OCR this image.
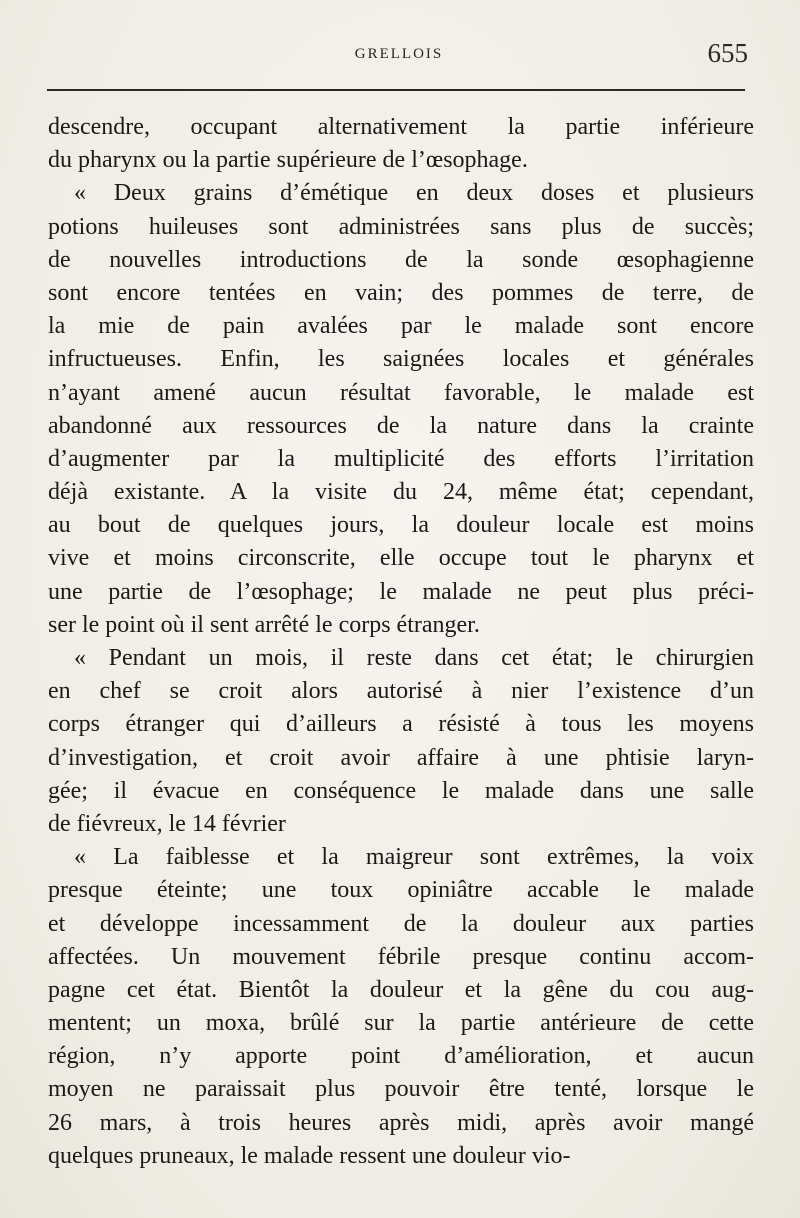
GRELLOIS	655
descendre, occupant alternativement la partie inférieure
du pharynx ou la partie supérieure de l’œsophage.
« Deux grains d’émétique en deux doses et plusieurs
potions huileuses sont administrées sans plus de succès;
de nouvelles introductions de la sonde œsophagienne
sont encore tentées en vain; des pommes de terre, de
la mie de pain avalées par le malade sont encore
infructueuses. Enfin, les saignées locales et générales
n’ayant amené aucun résultat favorable, le malade est
abandonné aux ressources de la nature dans la crainte
d’augmenter par la multiplicité des efforts l’irritation
déjà existante. A la visite du 24, même état; cependant,
au bout de quelques jours, la douleur locale est moins
vive et moins circonscrite, elle occupe tout le pharynx et
une partie de l’œsophage; le malade ne peut plus préci-
ser le point où il sent arrêté le corps étranger.
« Pendant un mois, il reste dans cet état; le chirurgien
en chef se croit alors autorisé à nier l’existence d’un
corps étranger qui d’ailleurs a résisté à tous les moyens
d’investigation, et croit avoir affaire à une phtisie laryn-
gée; il évacue en conséquence le malade dans une salle
de fiévreux, le 14 février
« La faiblesse et la maigreur sont extrêmes, la voix
presque éteinte; une toux opiniâtre accable le malade
et développe incessamment de la douleur aux parties
affectées. Un mouvement fébrile presque continu accom-
pagne cet état. Bientôt la douleur et la gêne du cou aug-
mentent; un moxa, brûlé sur la partie antérieure de cette
région, n’y apporte point d’amélioration, et aucun
moyen ne paraissait plus pouvoir être tenté, lorsque le
26 mars, à trois heures après midi, après avoir mangé
quelques pruneaux, le malade ressent une douleur vio-
